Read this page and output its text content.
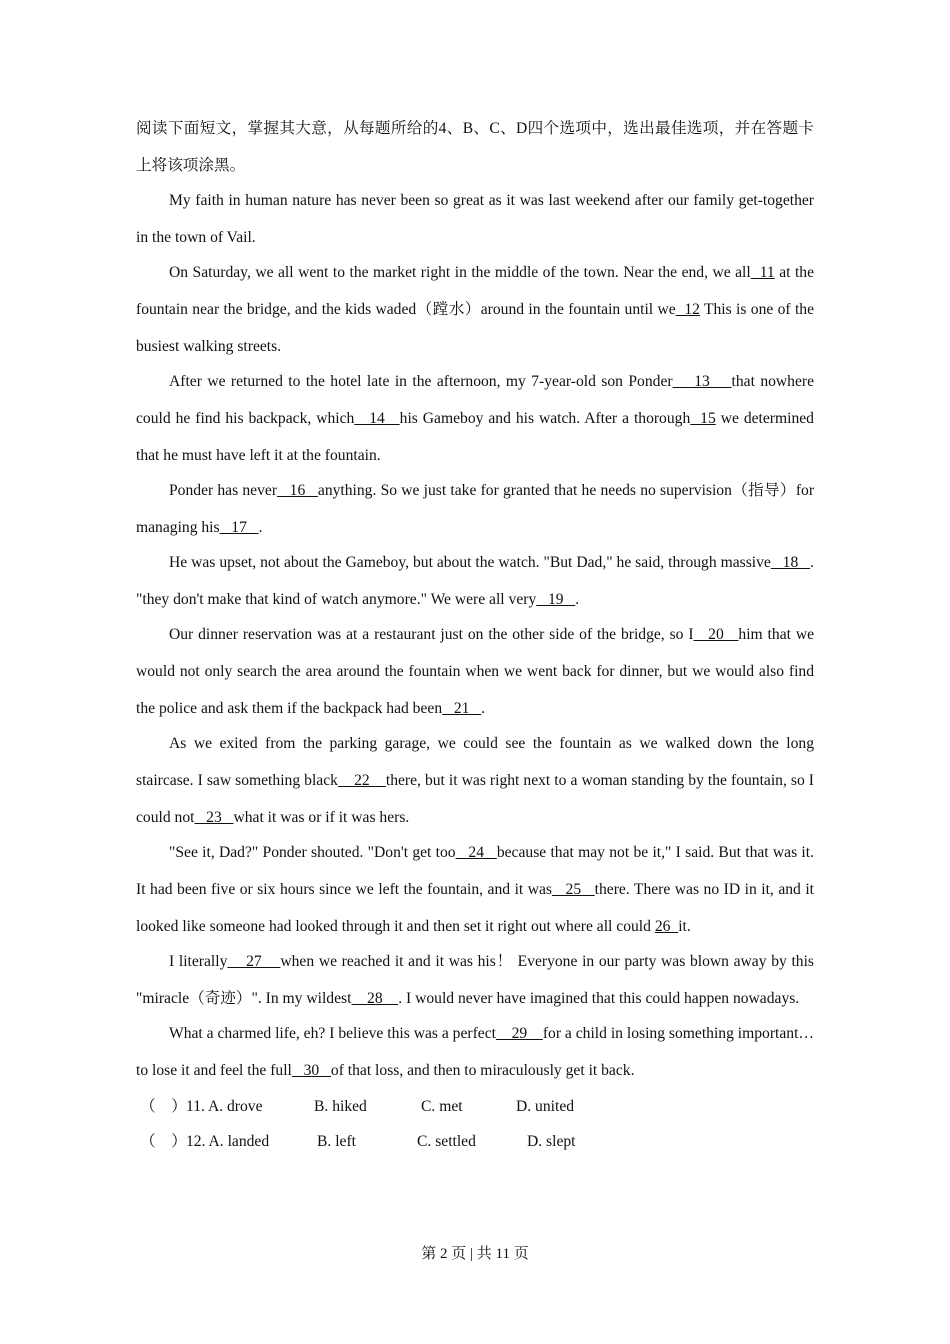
阅读下面短文，掌握其大意，从每题所给的4、B、C、D四个选项中，选出最佳选项，并在答题卡上将该项涂黑。

My faith in human nature has never been so great as it was last weekend after our family get-together in the town of Vail.

On Saturday, we all went to the market right in the middle of the town. Near the end, we all  11 at the fountain near the bridge, and the kids waded（蹚水）around in the fountain until we  12 This is one of the busiest walking streets.

After we returned to the hotel late in the afternoon, my 7-year-old son Ponder    13    that nowhere could he find his backpack, which   14   his Gameboy and his watch. After a thorough  15 we determined that he must have left it at the fountain.

Ponder has never   16   anything. So we just take for granted that he needs no supervision（指导）for managing his   17   .

He was upset, not about the Gameboy, but about the watch. "But Dad," he said, through massive   18   . "they don't make that kind of watch anymore." We were all very   19   .

Our dinner reservation was at a restaurant just on the other side of the bridge, so I   20   him that we would not only search the area around the fountain when we went back for dinner, but we would also find the police and ask them if the backpack had been   21   .

As we exited from the parking garage, we could see the fountain as we walked down the long staircase. I saw something black    22    there, but it was right next to a woman standing by the fountain, so I could not   23   what it was or if it was hers.

"See it, Dad?" Ponder shouted. "Don't get too   24   because that may not be it," I said. But that was it. It had been five or six hours since we left the fountain, and it was   25   there. There was no ID in it, and it looked like someone had looked through it and then set it right out where all could 26  it.

I literally    27    when we reached it and it was his！ Everyone in our party was blown away by this "miracle（奇迹）". In my wildest    28    . I would never have imagined that this could happen nowadays.

What a charmed life, eh? I believe this was a perfect    29    for a child in losing something important…to lose it and feel the full   30   of that loss, and then to miraculously get it back.

（    ） 11. A. drove	B. hiked	C. met	D. united
（    ） 12. A. landed	B. left	C. settled	D. slept
第 2 页 | 共 11 页
